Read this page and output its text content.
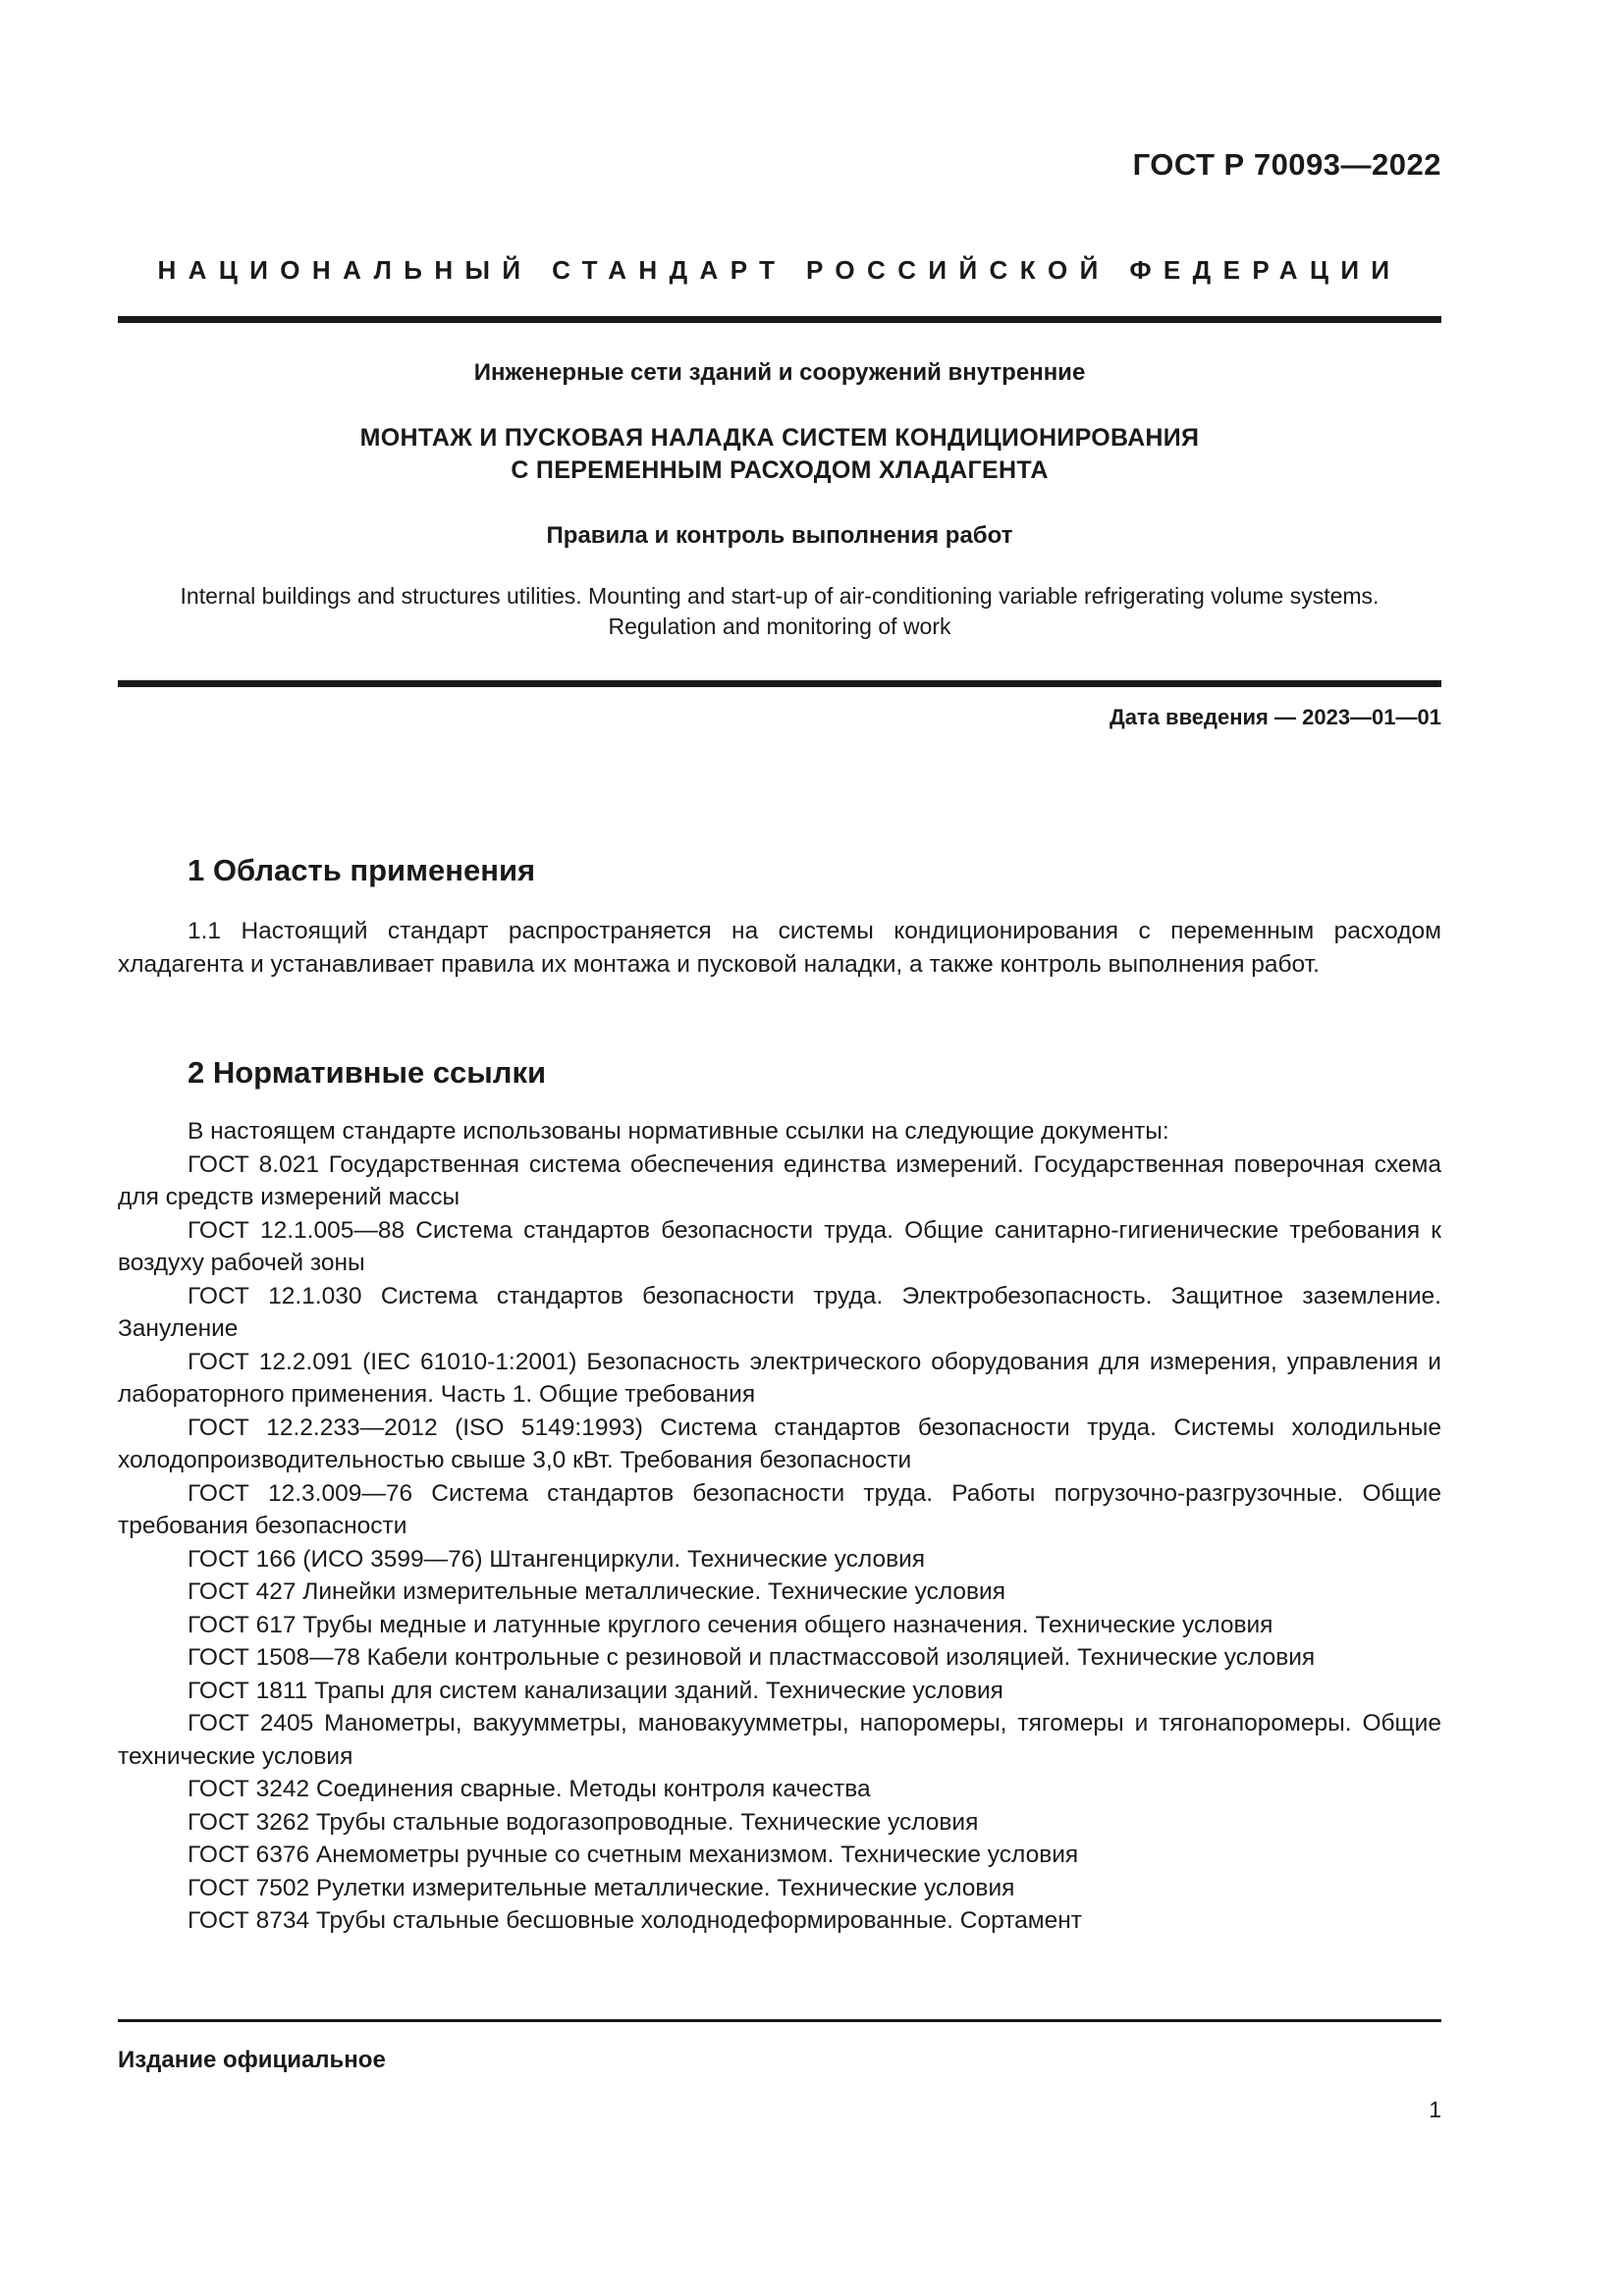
ГОСТ Р 70093—2022
НАЦИОНАЛЬНЫЙ СТАНДАРТ РОССИЙСКОЙ ФЕДЕРАЦИИ
Инженерные сети зданий и сооружений внутренние
МОНТАЖ И ПУСКОВАЯ НАЛАДКА СИСТЕМ КОНДИЦИОНИРОВАНИЯ
С ПЕРЕМЕННЫМ РАСХОДОМ ХЛАДАГЕНТА
Правила и контроль выполнения работ
Internal buildings and structures utilities. Mounting and start-up of air-conditioning variable refrigerating volume systems.
Regulation and monitoring of work
Дата введения — 2023—01—01
1 Область применения

1.1 Настоящий стандарт распространяется на системы кондиционирования с переменным расходом хладагента и устанавливает правила их монтажа и пусковой наладки, а также контроль выполнения работ.

2 Нормативные ссылки

В настоящем стандарте использованы нормативные ссылки на следующие документы:

ГОСТ 8.021 Государственная система обеспечения единства измерений. Государственная поверочная схема для средств измерений массы

ГОСТ 12.1.005—88 Система стандартов безопасности труда. Общие санитарно-гигиенические требования к воздуху рабочей зоны

ГОСТ 12.1.030 Система стандартов безопасности труда. Электробезопасность. Защитное заземление. Зануление

ГОСТ 12.2.091 (IEC 61010-1:2001) Безопасность электрического оборудования для измерения, управления и лабораторного применения. Часть 1. Общие требования

ГОСТ 12.2.233—2012 (ISO 5149:1993) Система стандартов безопасности труда. Системы холодильные холодопроизводительностью свыше 3,0 кВт. Требования безопасности

ГОСТ 12.3.009—76 Система стандартов безопасности труда. Работы погрузочно-разгрузочные. Общие требования безопасности

ГОСТ 166 (ИСО 3599—76) Штангенциркули. Технические условия

ГОСТ 427 Линейки измерительные металлические. Технические условия

ГОСТ 617 Трубы медные и латунные круглого сечения общего назначения. Технические условия

ГОСТ 1508—78 Кабели контрольные с резиновой и пластмассовой изоляцией. Технические условия

ГОСТ 1811 Трапы для систем канализации зданий. Технические условия

ГОСТ 2405 Манометры, вакуумметры, мановакуумметры, напоромеры, тягомеры и тягонапоромеры. Общие технические условия

ГОСТ 3242 Соединения сварные. Методы контроля качества

ГОСТ 3262 Трубы стальные водогазопроводные. Технические условия

ГОСТ 6376 Анемометры ручные со счетным механизмом. Технические условия

ГОСТ 7502 Рулетки измерительные металлические. Технические условия

ГОСТ 8734 Трубы стальные бесшовные холоднодеформированные. Сортамент

Издание официальное
1
